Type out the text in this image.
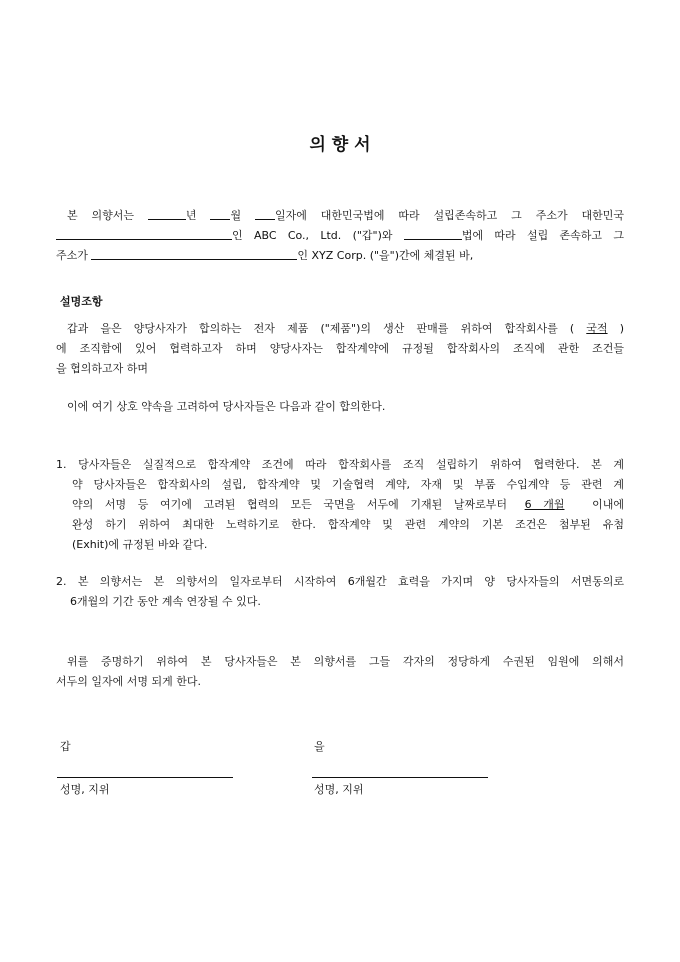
의 향 서
본 의향서는	년	월	일자에 대한민국법에 따라 설립존속하고 그 주소가 대한민국
인 ABC Co., Ltd. ("갑")와	법에 따라 설립 존속하고 그
주소가	인 XYZ Corp. ("을")간에 체결된 바,
설명조항
갑과 을은 양당사자가 합의하는 전자 제품 ("제품")의 생산 판매를 위하여 합작회사를 ( 국적 )
에 조직함에 있어 협력하고자 하며 양당사자는 합작계약에 규정될 합작회사의 조직에 관한 조건들
을 협의하고자 하며
이에 여기 상호 약속을 고려하여 당사자들은 다음과 같이 합의한다.
1. 당사자들은 실질적으로 합작계약 조건에 따라 합작회사를 조직 설립하기 위하여 협력한다. 본 계
약 당사자들은 합작회사의 설립, 합작계약 및 기술협력 계약, 자재 및 부품 수입계약 등 관련 계
약의 서명 등 여기에 고려된 협력의 모든 국면을 서두에 기재된 날짜로부터 6 개월	이내에
완성 하기 위하여 최대한 노력하기로 한다. 합작계약 및 관련 계약의 기본 조건은 첨부된 유첨
(Exhit)에 규정된 바와 같다.
2. 본 의향서는 본 의향서의 일자로부터 시작하여 6개월간 효력을 가지며 양 당사자들의 서면동의로
6개월의 기간 동안 계속 연장될 수 있다.
위를 증명하기 위하여 본 당사자들은 본 의향서를 그들 각자의 정당하게 수권된 임원에 의해서
서두의 일자에 서명 되게 한다.
갑	을
성명, 지위	성명, 지위
